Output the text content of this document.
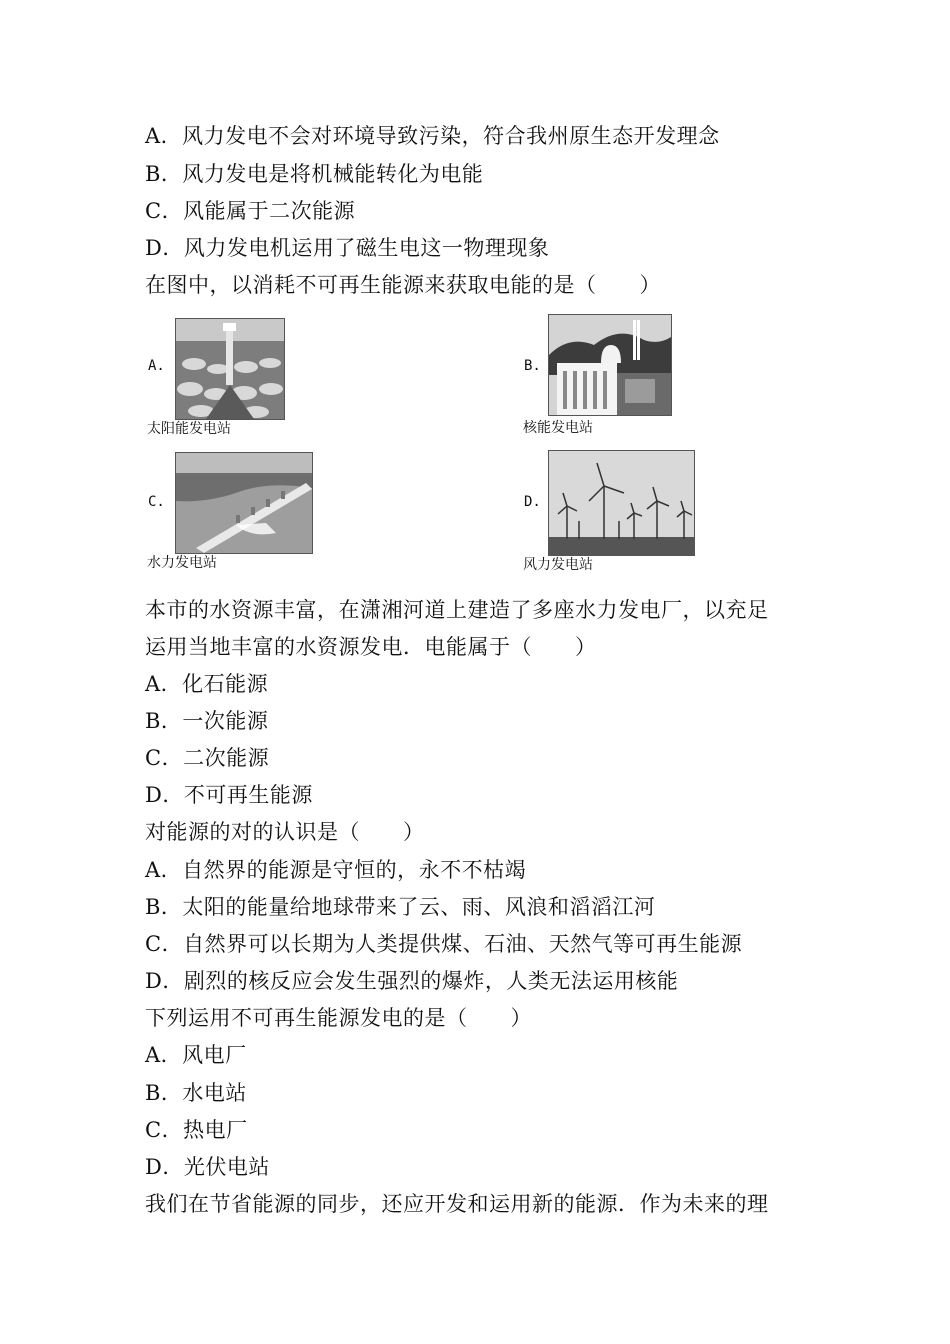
A．风力发电不会对环境导致污染，符合我州原生态开发理念
B．风力发电是将机械能转化为电能
C．风能属于二次能源
D．风力发电机运用了磁生电这一物理现象
在图中，以消耗不可再生能源来获取电能的是（　　）
A.
太阳能发电站
B.
核能发电站
C.
水力发电站
D.
风力发电站
本市的水资源丰富，在潇湘河道上建造了多座水力发电厂，以充足
运用当地丰富的水资源发电．电能属于（　　）
A．化石能源
B．一次能源
C．二次能源
D．不可再生能源
对能源的对的认识是（　　）
A．自然界的能源是守恒的，永不不枯竭
B．太阳的能量给地球带来了云、雨、风浪和滔滔江河
C．自然界可以长期为人类提供煤、石油、天然气等可再生能源
D．剧烈的核反应会发生强烈的爆炸，人类无法运用核能
下列运用不可再生能源发电的是（　　）
A．风电厂
B．水电站
C．热电厂
D．光伏电站
我们在节省能源的同步，还应开发和运用新的能源．作为未来的理
